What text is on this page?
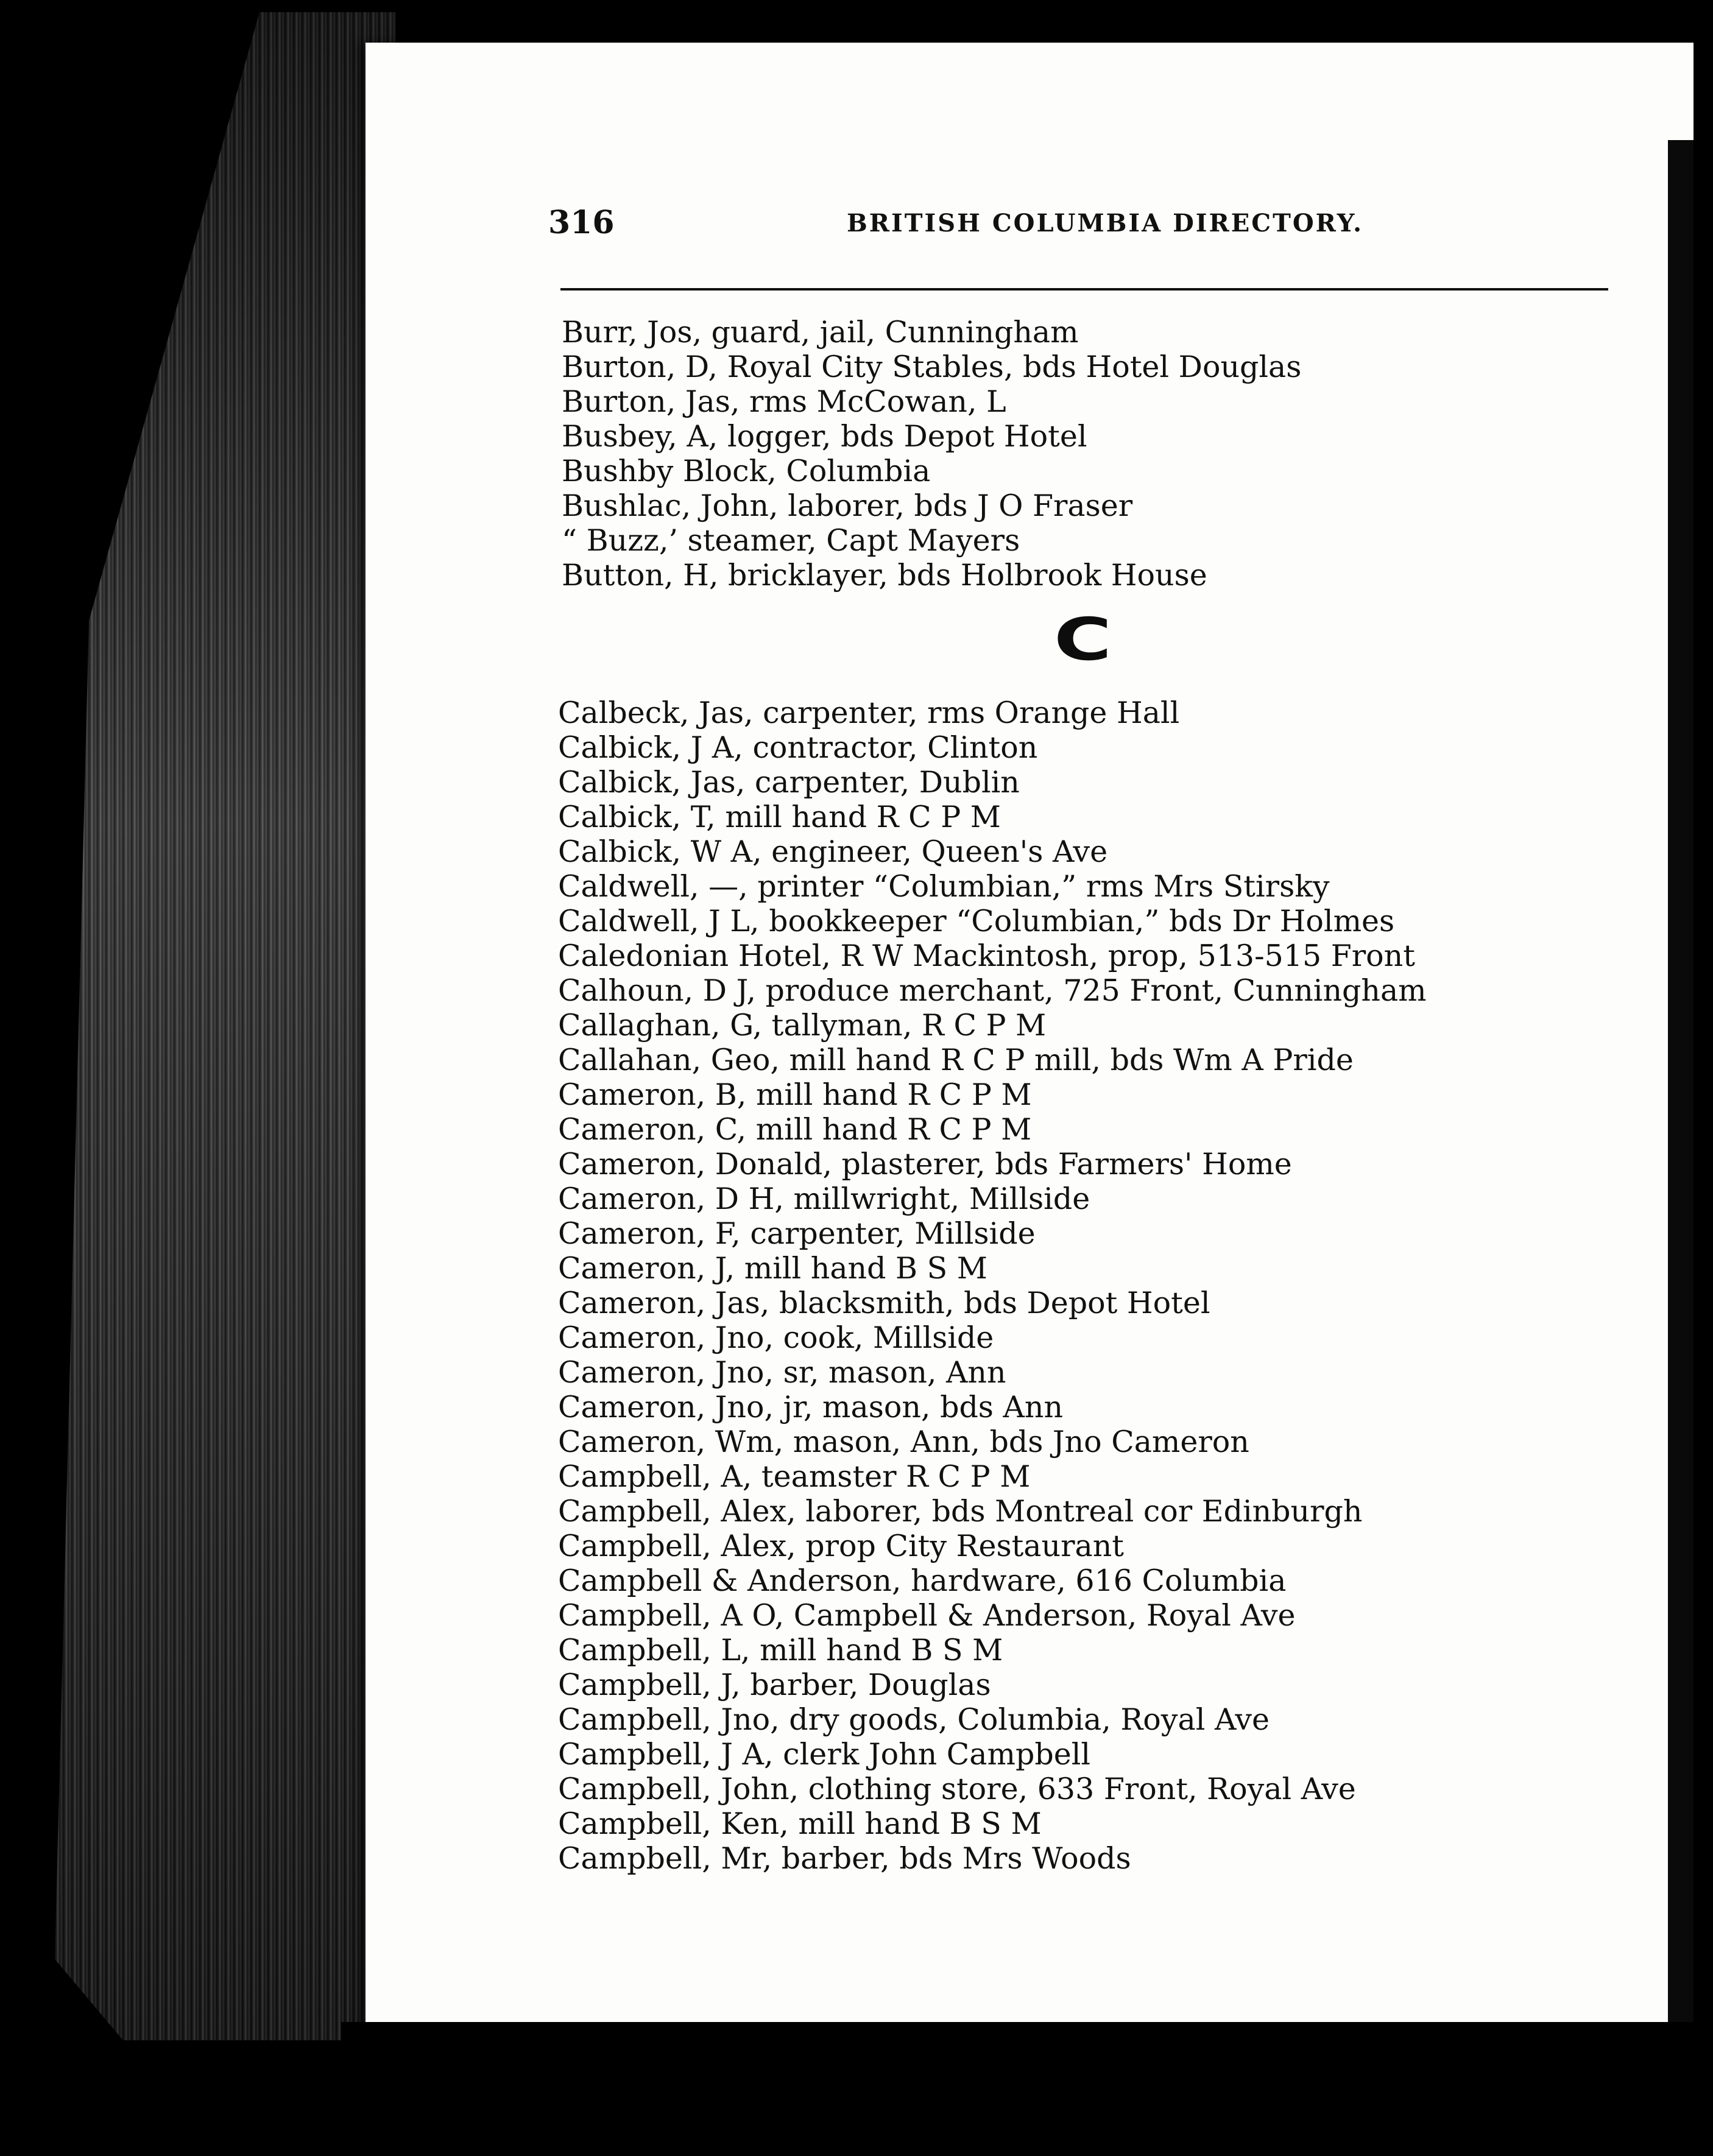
316	BRITISH COLUMBIA DIRECTORY.
Burr, Jos, guard, jail, Cunningham
Burton, D, Royal City Stables, bds Hotel Douglas
Burton, Jas, rms McCowan, L
Busbey, A, logger, bds Depot Hotel
Bushby Block, Columbia
Bushlac, John, laborer, bds J O Fraser
“ Buzz,’ steamer, Capt Mayers
Button, H, bricklayer, bds Holbrook House
C
Calbeck, Jas, carpenter, rms Orange Hall
Calbick, J A, contractor, Clinton
Calbick, Jas, carpenter, Dublin
Calbick, T, mill hand R C P M
Calbick, W A, engineer, Queen's Ave
Caldwell, —, printer “Columbian,” rms Mrs Stirsky
Caldwell, J L, bookkeeper “Columbian,” bds Dr Holmes
Caledonian Hotel, R W Mackintosh, prop, 513-515 Front
Calhoun, D J, produce merchant, 725 Front, Cunningham
Callaghan, G, tallyman, R C P M
Callahan, Geo, mill hand R C P mill, bds Wm A Pride
Cameron, B, mill hand R C P M
Cameron, C, mill hand R C P M
Cameron, Donald, plasterer, bds Farmers' Home
Cameron, D H, millwright, Millside
Cameron, F, carpenter, Millside
Cameron, J, mill hand B S M
Cameron, Jas, blacksmith, bds Depot Hotel
Cameron, Jno, cook, Millside
Cameron, Jno, sr, mason, Ann
Cameron, Jno, jr, mason, bds Ann
Cameron, Wm, mason, Ann, bds Jno Cameron
Campbell, A, teamster R C P M
Campbell, Alex, laborer, bds Montreal cor Edinburgh
Campbell, Alex, prop City Restaurant
Campbell & Anderson, hardware, 616 Columbia
Campbell, A O, Campbell & Anderson, Royal Ave
Campbell, L, mill hand B S M
Campbell, J, barber, Douglas
Campbell, Jno, dry goods, Columbia, Royal Ave
Campbell, J A, clerk John Campbell
Campbell, John, clothing store, 633 Front, Royal Ave
Campbell, Ken, mill hand B S M
Campbell, Mr, barber, bds Mrs Woods
